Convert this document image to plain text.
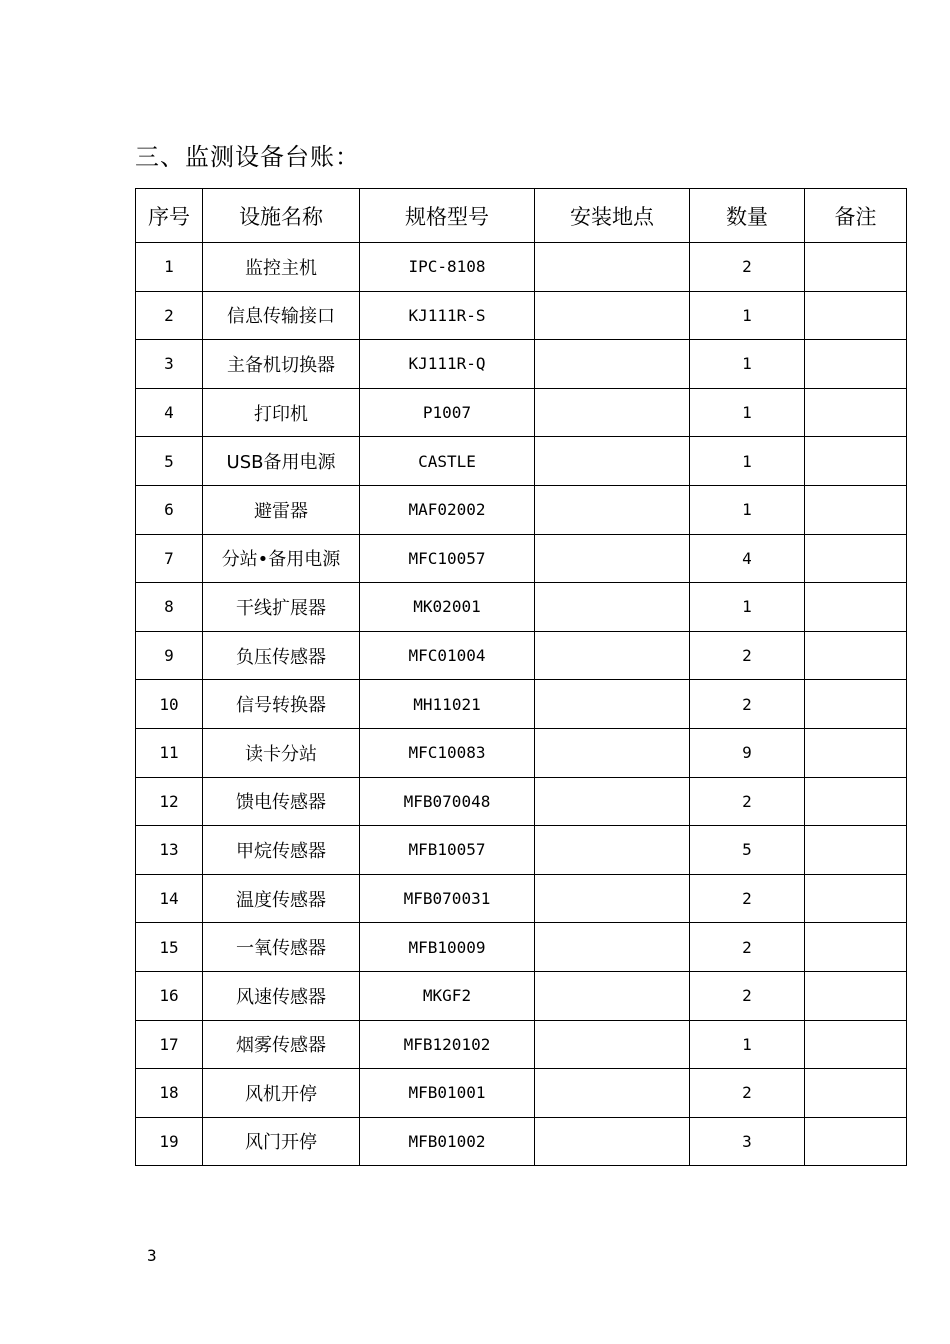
三、监测设备台账：
序号	设施名称	规格型号	安装地点	数量	备注
1	监控主机	IPC-8108		2	
2	信息传输接口	KJ111R-S		1	
3	主备机切换器	KJ111R-Q		1	
4	打印机	P1007		1	
5	USB备用电源	CASTLE		1	
6	避雷器	MAF02002		1	
7	分站•备用电源	MFC10057		4	
8	干线扩展器	MK02001		1	
9	负压传感器	MFC01004		2	
10	信号转换器	MH11021		2	
11	读卡分站	MFC10083		9	
12	馈电传感器	MFB070048		2	
13	甲烷传感器	MFB10057		5	
14	温度传感器	MFB070031		2	
15	一氧传感器	MFB10009		2	
16	风速传感器	MKGF2		2	
17	烟雾传感器	MFB120102		1	
18	风机开停	MFB01001		2	
19	风门开停	MFB01002		3	
3
